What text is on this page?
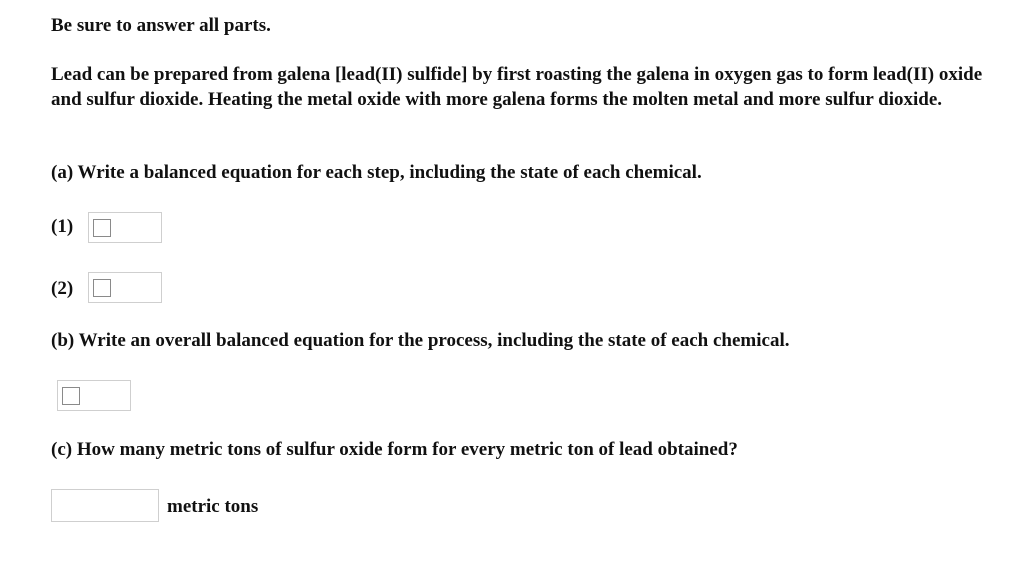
Be sure to answer all parts.
Lead can be prepared from galena [lead(II) sulfide] by first roasting the galena in oxygen gas to form lead(II) oxide and sulfur dioxide. Heating the metal oxide with more galena forms the molten metal and more sulfur dioxide.
(a) Write a balanced equation for each step, including the state of each chemical.
(1)
(2)
(b) Write an overall balanced equation for the process, including the state of each chemical.
(c) How many metric tons of sulfur oxide form for every metric ton of lead obtained?
metric tons
